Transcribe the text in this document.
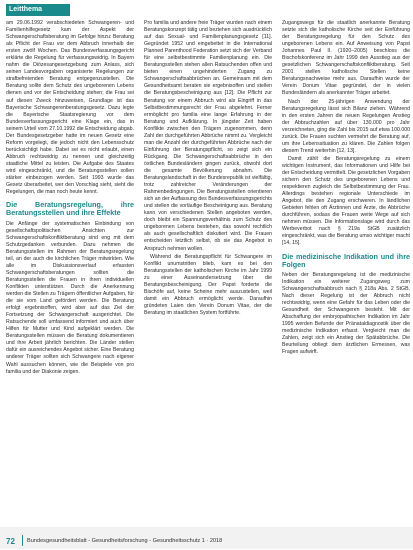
Leitthema

am 29.06.1992 verabschiedeten Schwangeren- und Familienhilfegesetz kam der Aspekt der Schwangerschaftsberatung im Gefolge hinzu: Beratung als Pflicht der Frau vor dem Abbruch innerhalb der ersten zwölf Wochen. Das Bundesverfassungsgericht erklärte die Regelung für verfassungswidrig. In Bayern nahm die Diözesangesetzgebung zum Anlass, sich seinen Landesvorgaben organisierte Regelungen zur strafbefreienden Beratung entgegenzustellen. Die Beratung sollte dem Schutz des ungeborenen Lebens dienen und vor der Entscheidung stehen; die Frau sei auf diesen Zweck hinzuweisen, Grundlage ist das Bayerische Schwangerenberatungsgesetz. Dazu legte die Bayerische Staatsregierung vor dem Bundesverfassungsgericht eine Klage ein, das in seinem Urteil vom 27.10.1992 die Entscheidung abgab. Der Bundesgesetzgeber hatte im neuen Gesetz eine Reform vorgelegt, die jedoch nicht den Lebensschutz berücksichtigt habe. Dabei sei es nicht erlaubt, einen Abbruch rechtswidrig zu nennen und gleichzeitig staatliche Mittel zu leisten. Die Aufgabe des Staates wird eingeschränkt, und die Beratungsstellen sollen stärker einbezogen werden. Seit 1993 wurde das Gesetz überarbeitet, wer den Vorschlag sieht, sieht die Regelungen, die man noch heute kennt.

Die Beratungsregelung, ihre Beratungsstellen und ihre Effekte

Die Anfänge der systematischen Einbindung von gesellschaftspolitischen Ansichten zur Schwangerschaftskonfliktberatung sind eng mit dem Schutzgedanken verbunden. Dazu nehmen die Beratungsstellen im Rahmen der Beratungsregelung teil, an der auch die kirchlichen Träger mitwirkten. Wie alle im Diskussionsverlauf erfassten Schwangerschaftsberatungen sollten die Beratungsstellen die Frauen in ihren individuellen Konflikten unterstützen. Durch die Anerkennung werden die Stellen zu Trägern öffentlicher Aufgaben, für die sie vom Land gefördert werden. Die Beratung erfolgt ergebnisoffen, wird aber auf das Ziel der Fortsetzung der Schwangerschaft ausgerichtet. Die Ratsuchende soll umfassend informiert und auch über Hilfen für Mutter und Kind aufgeklärt werden. Die Beratungsstellen müssen die Beratung dokumentieren und ihre Arbeit jährlich berichten. Die Länder stellen dafür ein ausreichendes Angebot sicher. Eine Beratung anderer Träger sollten sich Schwangere nach eigener Wahl aussuchen können, wie die Beispiele von pro familia und der Diakonie zeigen.

Pro familia und andere freie Träger wurden nach einem Beratungskonzept tätig und beziehen sich ausdrücklich auf das Sexual- und Familienplanungsgesetz [11]. Gegründet 1952 und eingebettet in die International Planned Parenthood Federation setzt sich der Verband für eine selbstbestimmte Familienplanung ein. Die Beratungsstellen stehen allen Ratsuchenden offen und bieten einen ungehinderten Zugang zu Schwangerschaftsabbrüchen an. Gemeinsam mit dem Gesundheitsamt beraten sie ergebnisoffen und stellen die Beratungsbescheinigung aus [12]. Die Pflicht zur Beratung vor einem Abbruch wird als Eingriff in das Selbstbestimmungsrecht der Frau abgelehnt. Ferner ermöglicht pro familia eine lange Erfahrung in der Beratung und Aufklärung. In jüngster Zeit haben Konflikte zwischen den Trägern zugenommen, denn Zahl der durchgeführten Abbrüche nimmt zu. Vergleicht man die Anzahl der durchgeführten Abbrüche nach der Einführung der Beratungspflicht, so zeigt sich ein Rückgang. Die Schwangerschaftsabbrüche in den östlichen Bundesländern gingen zurück, obwohl dort die gesamte Bevölkerung abnahm. Die Beratungslandschaft in der Bundesrepublik ist vielfältig, trotz zahlreicher Veränderungen der Rahmenbedingungen. Die Beratungsstellen orientieren sich an der Auffassung des Bundesverfassungsgerichts und stellen die vorläufige Bescheinigung aus. Beratung kann von verschiedenen Stellen angeboten werden, doch bleibt ein Spannungsverhältnis zum Schutz des ungeborenen Lebens bestehen, das sowohl rechtlich als auch gesellschaftlich diskutiert wird. Die Frauen entscheiden letztlich selbst, ob sie das Angebot in Anspruch nehmen wollen.

Während die Beratungspflicht für Schwangere im Konflikt unumstritten blieb, kam es bei den Beratungsstellen der katholischen Kirche im Jahr 1999 zu einer Auseinandersetzung über die Beratungsbescheinigung. Der Papst forderte die Bischöfe auf, keine Scheine mehr auszustellen, weil damit ein Abbruch ermöglicht werde. Daraufhin gründeten Laien den Verein Donum Vitae, der die Beratung im staatlichen System fortführte.

Zugangswegs für die staatlich anerkannte Beratung setzte sich die katholische Kirche seit der Einführung der Beratungsregelung für den Schutz des ungeborenen Lebens ein. Auf Anweisung von Papst Johannes Paul II. (1920–2005) beschloss die Bischofskonferenz im Jahr 1999 den Ausstieg aus der gesetzlichen Schwangerschaftskonfliktberatung. Seit 2001 stellen katholische Stellen keine Beratungsnachweise mehr aus. Daraufhin wurde der Verein Donum Vitae gegründet, der in vielen Bundesländern als anerkannter Träger arbeitet.

Nach der 25-jährigen Anwendung der Beratungsregelung lässt sich Bilanz ziehen. Während in den ersten Jahren die neuen Regelungen Anstieg der Abbruchzahlen auf über 130.000 pro Jahr verzeichneten, ging die Zahl bis 2015 auf etwa 100.000 zurück. Die Frauen suchten vermehrt die Beratung auf, um ihre Lebenssituation zu klären. Die Zahlen folgen diesem Trend weiterhin [12, 13].

Damit zählt die Beratungsregelung zu einem wichtigen Instrument, das Informationen und Hilfe bei der Entscheidung vermittelt. Die gesetzlichen Vorgaben sichern den Schutz des ungeborenen Lebens und respektieren zugleich die Selbstbestimmung der Frau. Allerdings bestehen regionale Unterschiede im Angebot, die den Zugang erschweren. In ländlichen Gebieten fehlen oft Ärztinnen und Ärzte, die Abbrüche durchführen, sodass die Frauen weite Wege auf sich nehmen müssen. Die Informationslage wird durch das Werbeverbot nach § 219a StGB zusätzlich eingeschränkt, was die Beratung umso wichtiger macht [14, 15].

Die medizinische Indikation und ihre Folgen

Neben der Beratungsregelung ist die medizinische Indikation ein weiterer Zugangsweg zum Schwangerschaftsabbruch nach § 218a Abs. 2 StGB. Nach dieser Regelung ist der Abbruch nicht rechtswidrig, wenn eine Gefahr für das Leben oder die Gesundheit der Schwangeren besteht. Mit der Abschaffung der embryopathischen Indikation im Jahr 1995 werden Befunde der Pränataldiagnostik über die medizinische Indikation erfasst. Vergleicht man die Zahlen, zeigt sich ein Anstieg der Spätabbrüche. Die Beurteilung obliegt dem ärztlichen Ermessen, was Fragen aufwirft.

72 Bundesgesundheitsblatt - Gesundheitsforschung - Gesundheitsschutz 1 · 2018
